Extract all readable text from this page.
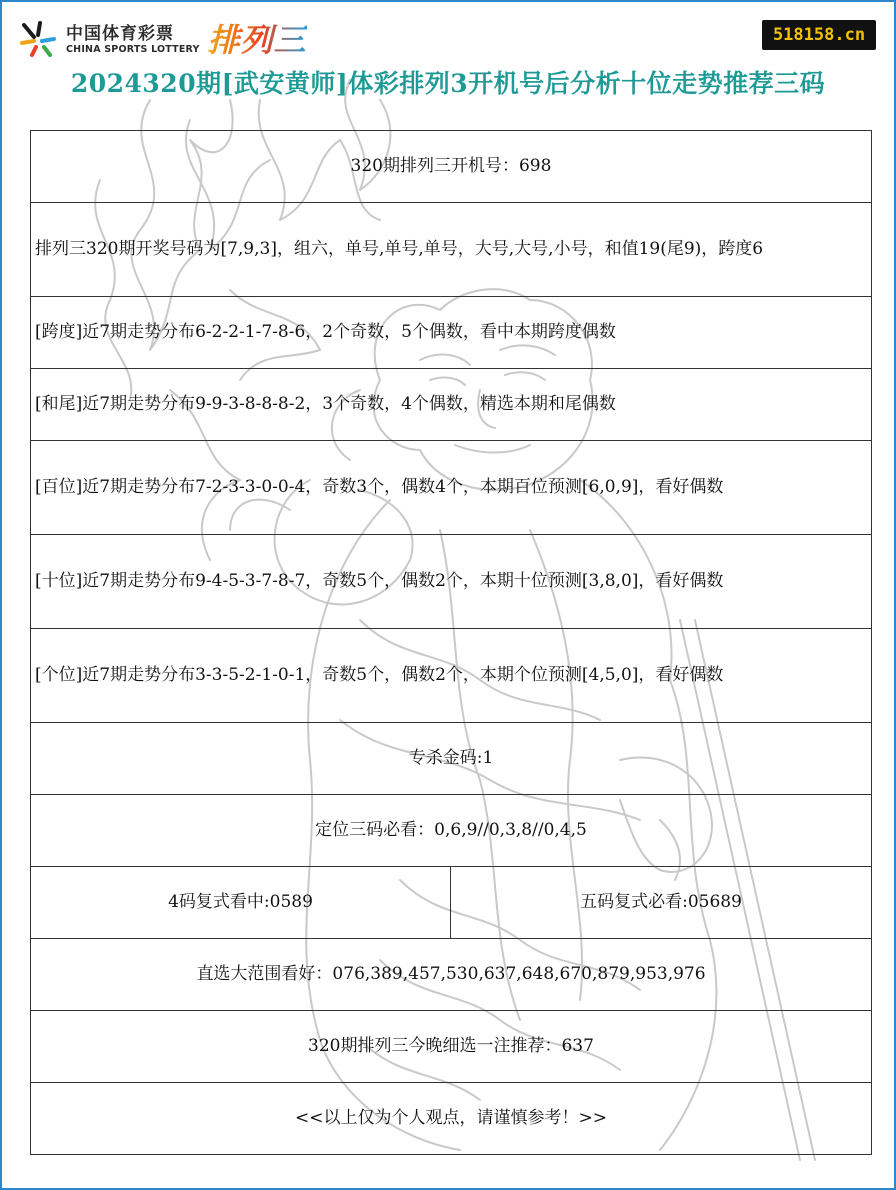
中国体育彩票
CHINA SPORTS LOTTERY 排列三	518158.cn
2024320期[武安黄师]体彩排列3开机号后分析十位走势推荐三码
320期排列三开机号：698
排列三320期开奖号码为[7,9,3]，组六，单号,单号,单号，大号,大号,小号，和值19(尾9)，跨度6
[跨度]近7期走势分布6-2-2-1-7-8-6，2个奇数，5个偶数，看中本期跨度偶数
[和尾]近7期走势分布9-9-3-8-8-8-2，3个奇数，4个偶数，精选本期和尾偶数
[百位]近7期走势分布7-2-3-3-0-0-4，奇数3个，偶数4个，本期百位预测[6,0,9]，看好偶数
[十位]近7期走势分布9-4-5-3-7-8-7，奇数5个，偶数2个，本期十位预测[3,8,0]，看好偶数
[个位]近7期走势分布3-3-5-2-1-0-1，奇数5个，偶数2个，本期个位预测[4,5,0]，看好偶数
专杀金码:1
定位三码必看：0,6,9//0,3,8//0,4,5
4码复式看中:0589	五码复式必看:05689
直选大范围看好：076,389,457,530,637,648,670,879,953,976
320期排列三今晚细选一注推荐：637
<<以上仅为个人观点，请谨慎参考！>>
